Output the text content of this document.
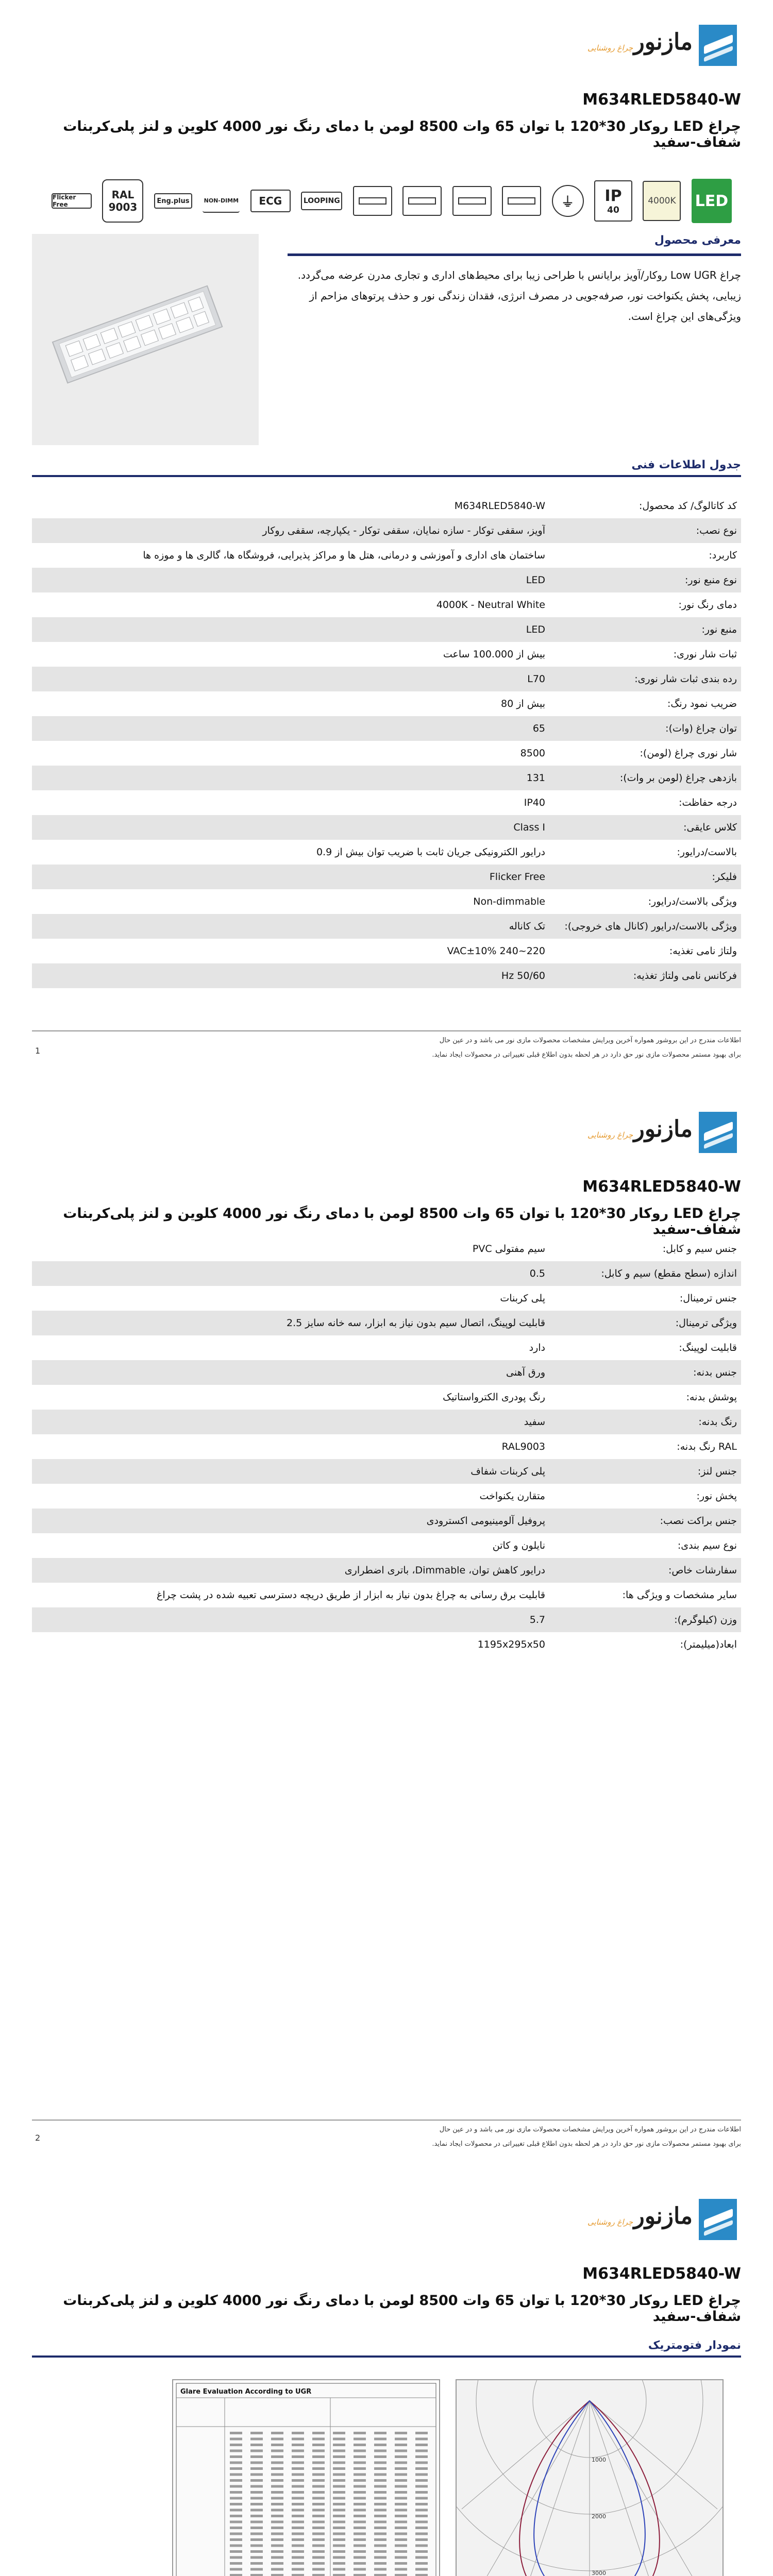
مازنور
چراغ روشنایی
M634RLED5840-W
چراغ LED روکار 30*120 با توان 65 وات 8500 لومن با دمای رنگ نور 4000 کلوین و لنز پلی‌کربنات شفاف-سفید
LED
4000K
IP
40
⏚
LOOPING
ECG
NON-DIMM
Eng.plus
RAL
9003
Flicker Free
معرفی محصول
چراغ Low UGR روکار/آویز برایانس با طراحی زیبا برای محیط‌های اداری و تجاری مدرن عرضه می‌گردد. زیبایی، پخش یکنواخت نور، صرفه‌جویی در مصرف انرژی، فقدان زندگی نور و حذف پرتوهای مزاحم از ویژگی‌های این چراغ است.
جدول اطلاعات فنی
کد کاتالوگ/ کد محصول:
M634RLED5840-W
نوع نصب:
آویز، سقفی توکار - سازه نمایان، سقفی توکار - یکپارچه، سقفی روکار
کاربرد:
ساختمان های اداری و آموزشی و درمانی، هتل ها و مراکز پذیرایی، فروشگاه ها، گالری ها و موزه ها
نوع منبع نور:
LED
دمای رنگ نور:
4000K - Neutral White
منبع نور:
LED
ثبات شار نوری:
بیش از 100.000 ساعت
رده بندی ثبات شار نوری:
L70
ضریب نمود رنگ:
بیش از 80
توان چراغ (وات):
65
شار نوری چراغ (لومن):
8500
بازدهی چراغ (لومن بر وات):
131
درجه حفاظت:
IP40
کلاس عایقی:
Class I
بالاست/درایور:
درایور الکترونیکی جریان ثابت با ضریب توان بیش از 0.9
فلیکر:
Flicker Free
ویژگی بالاست/درایور:
Non-dimmable
ویژگی بالاست/درایور (کانال های خروجی):
تک کاناله
ولتاژ نامی تغذیه:
220~240 VAC±10%
فرکانس نامی ولتاژ تغذیه:
50/60 Hz
اطلاعات مندرج در این بروشور همواره آخرین ویرایش مشخصات محصولات مازی نور می باشد و در عین حال
برای بهبود مستمر محصولات مازی نور حق دارد در هر لحظه بدون اطلاع قبلی تغییراتی در محصولات ایجاد نماید.
1
مازنور
چراغ روشنایی
M634RLED5840-W
چراغ LED روکار 30*120 با توان 65 وات 8500 لومن با دمای رنگ نور 4000 کلوین و لنز پلی‌کربنات شفاف-سفید
جنس سیم و کابل:
سیم مفتولی PVC
اندازه (سطح مقطع) سیم و کابل:
0.5
جنس ترمینال:
پلی کربنات
ویژگی ترمینال:
قابلیت لوپینگ، اتصال سیم بدون نیاز به ابزار، سه خانه سایز 2.5
قابلیت لوپینگ:
دارد
جنس بدنه:
ورق آهنی
پوشش بدنه:
رنگ پودری الکترواستاتیک
رنگ بدنه:
سفید
RAL رنگ بدنه:
RAL9003
جنس لنز:
پلی کربنات شفاف
پخش نور:
متقارن یکنواخت
جنس براکت نصب:
پروفیل آلومینیومی اکسترودی
نوع سیم بندی:
نایلون و کاتن
سفارشات خاص:
درایور کاهش توان، Dimmable، باتری اضطراری
سایر مشخصات و ویژگی ها:
قابلیت برق رسانی به چراغ بدون نیاز به ابزار از طریق دریچه دسترسی تعبیه شده در پشت چراغ
وزن (کیلوگرم):
5.7
ابعاد(میلیمتر):
1195x295x50
اطلاعات مندرج در این بروشور همواره آخرین ویرایش مشخصات محصولات مازی نور می باشد و در عین حال
برای بهبود مستمر محصولات مازی نور حق دارد در هر لحظه بدون اطلاع قبلی تغییراتی در محصولات ایجاد نماید.
2
مازنور
چراغ روشنایی
M634RLED5840-W
چراغ LED روکار 30*120 با توان 65 وات 8500 لومن با دمای رنگ نور 4000 کلوین و لنز پلی‌کربنات شفاف-سفید
نمودار فتومتریک
Glare Evaluation According to UGR
1000
2000
3000
